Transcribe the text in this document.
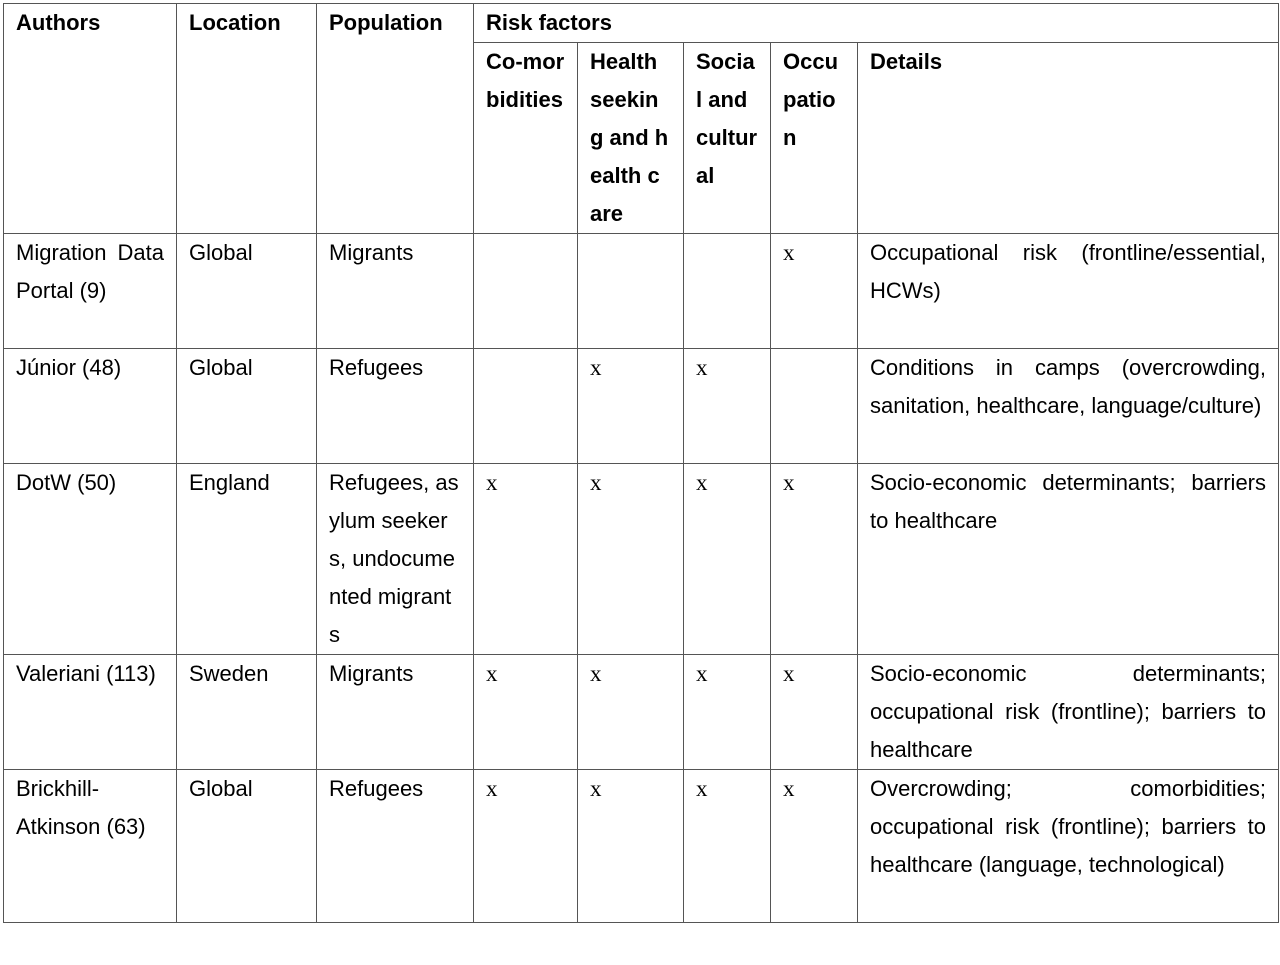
Authors	Location	Population	Risk factors				
			Co-morbidities	Health seeking and health care	Social and cultural	Occupation	Details
Migration Data Portal (9)	Global	Migrants				x	Occupational risk (frontline/essential, HCWs)
Júnior (48)	Global	Refugees		x	x		Conditions in camps (overcrowding, sanitation, healthcare, language/culture)
DotW (50)	England	Refugees, asylum seekers, undocumented migrants	x	x	x	x	Socio-economic determinants; barriers to healthcare
Valeriani (113)	Sweden	Migrants	x	x	x	x	Socio-economic determinants; occupational risk (frontline); barriers to healthcare
Brickhill-Atkinson (63)	Global	Refugees	x	x	x	x	Overcrowding; comorbidities; occupational risk (frontline); barriers to healthcare (language, technological)
